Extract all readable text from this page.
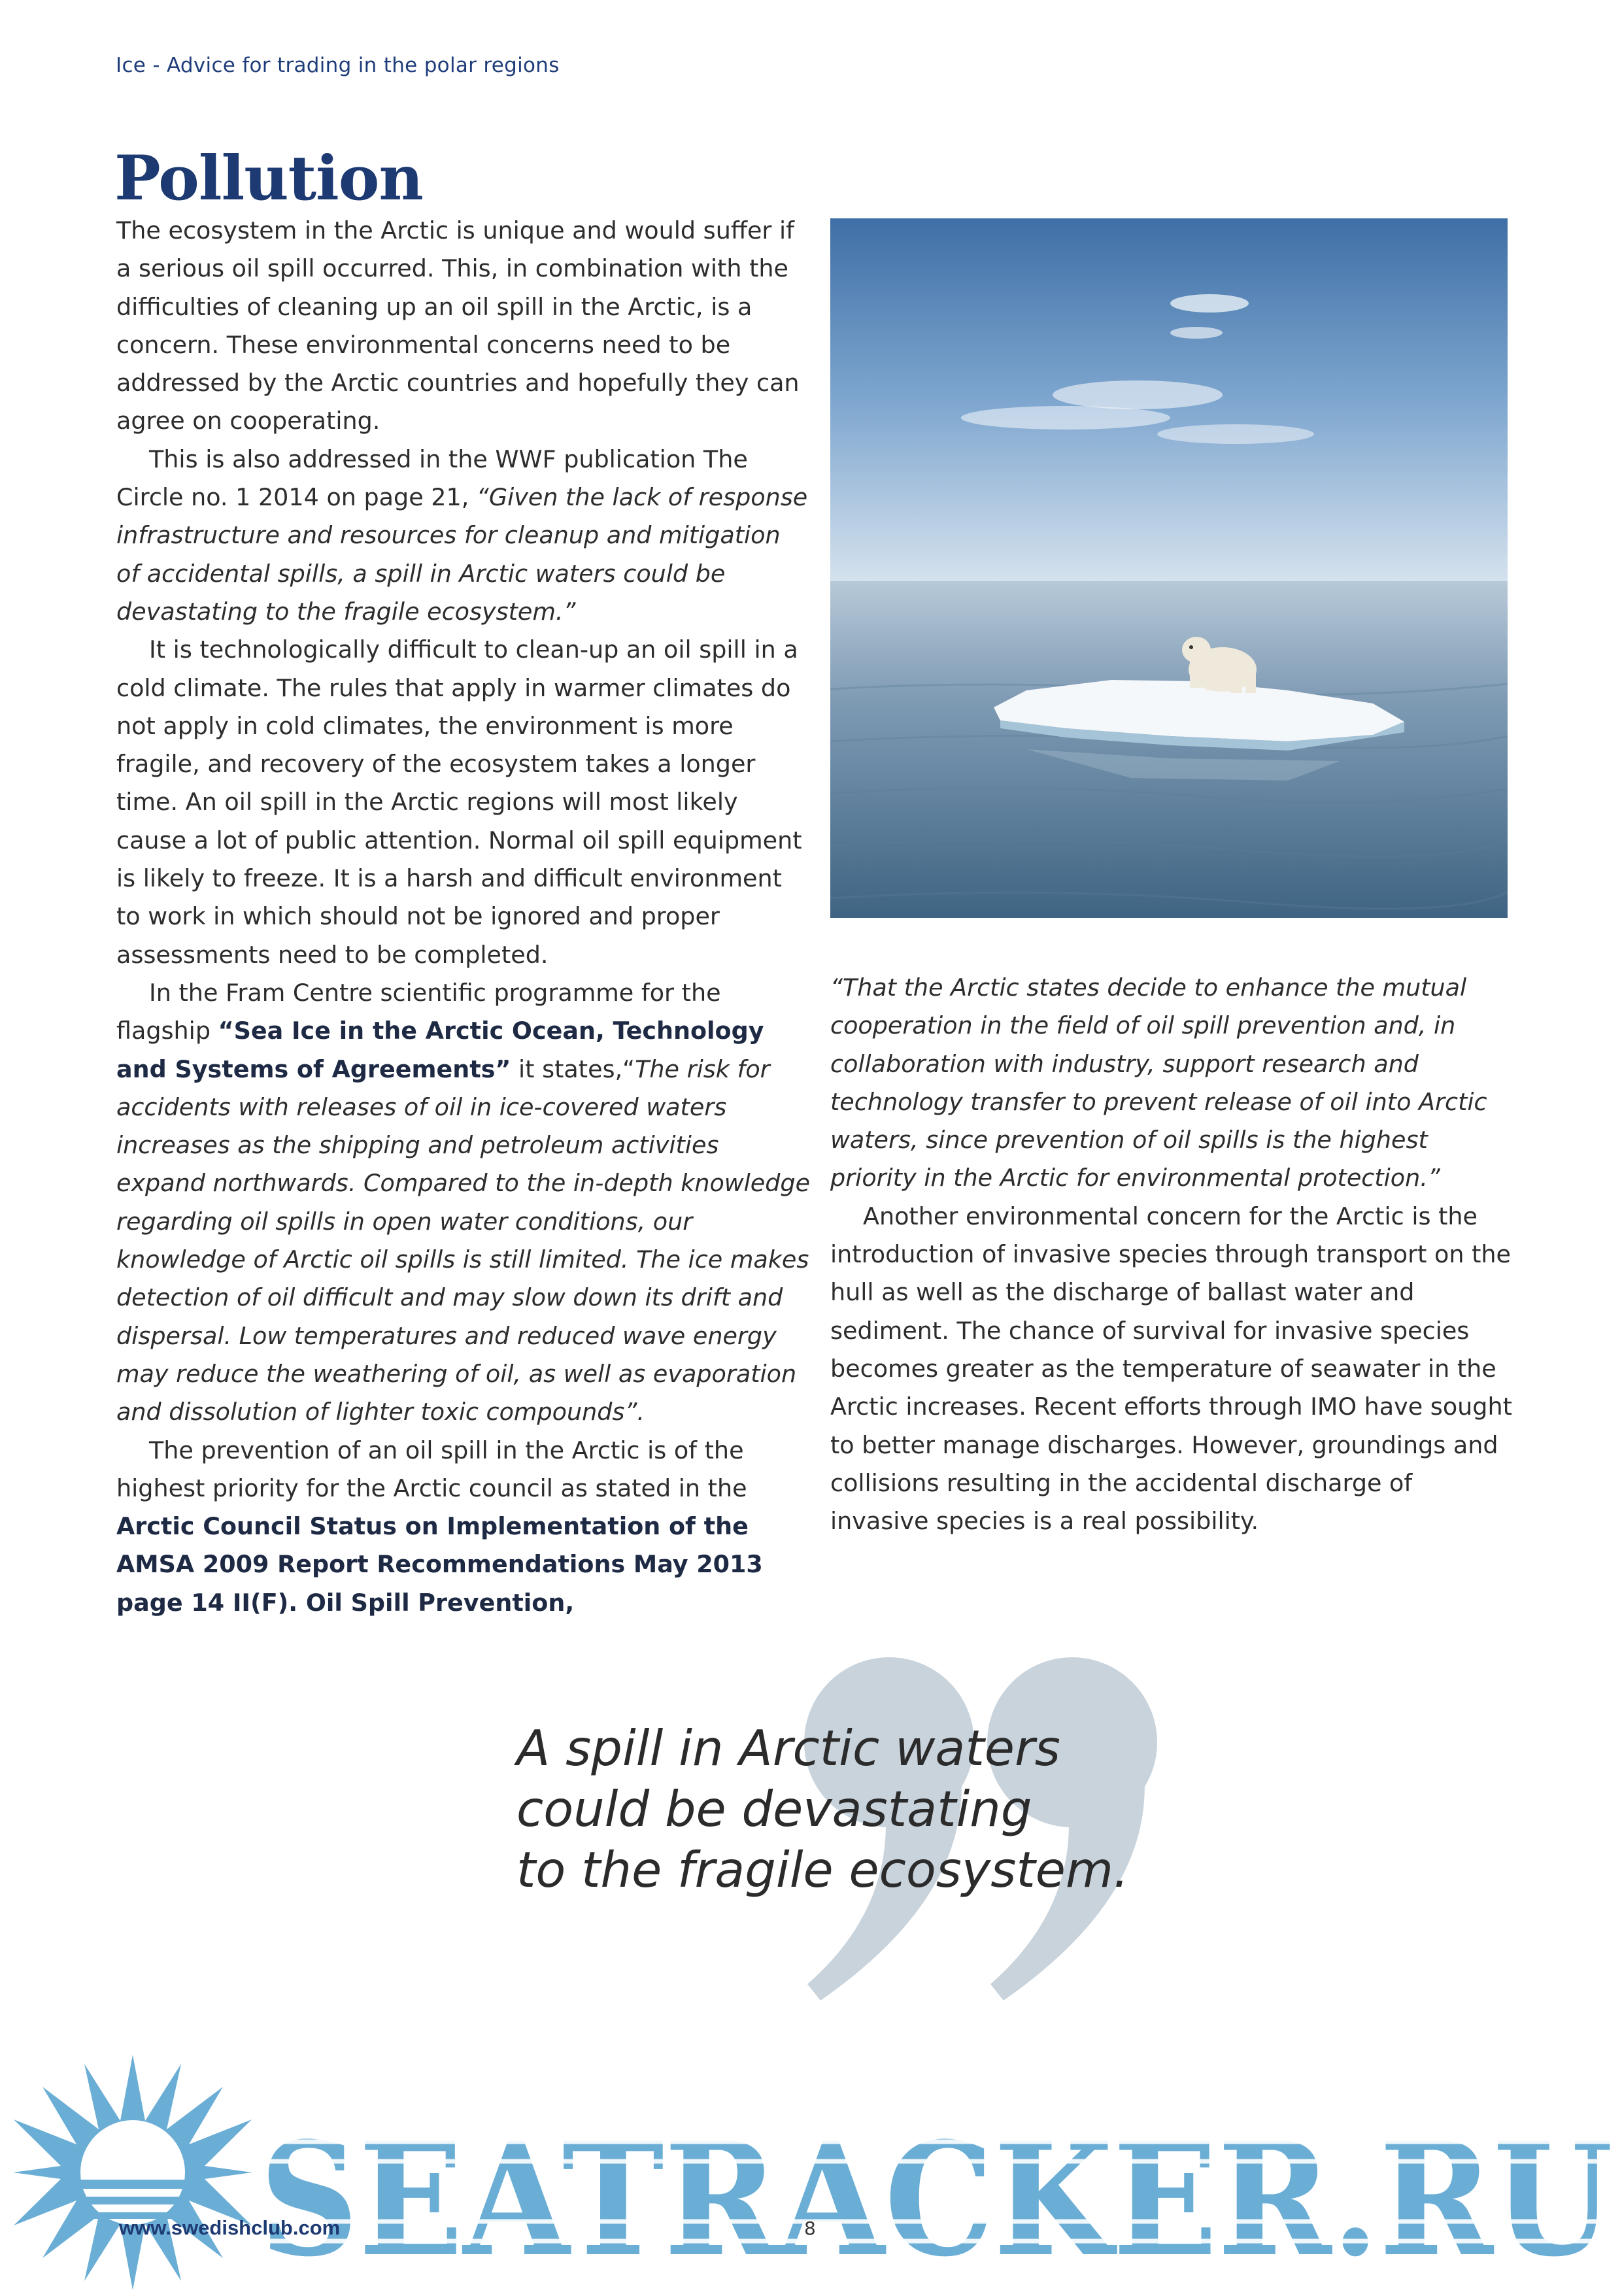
Ice - Advice for trading in the polar regions
Pollution

The ecosystem in the Arctic is unique and would suffer if a serious oil spill occurred. This, in combination with the difficulties of cleaning up an oil spill in the Arctic, is a concern. These environmental concerns need to be addressed by the Arctic countries and hopefully they can agree on cooperating.

This is also addressed in the WWF publication The Circle no. 1 2014 on page 21, “Given the lack of response infrastructure and resources for cleanup and mitigation of accidental spills, a spill in Arctic waters could be devastating to the fragile ecosystem.”

It is technologically difficult to clean-up an oil spill in a cold climate. The rules that apply in warmer climates do not apply in cold climates, the environment is more fragile, and recovery of the ecosystem takes a longer time. An oil spill in the Arctic regions will most likely cause a lot of public attention. Normal oil spill equipment is likely to freeze. It is a harsh and difficult environment to work in which should not be ignored and proper assessments need to be completed.

In the Fram Centre scientific programme for the flagship “Sea Ice in the Arctic Ocean, Technology and Systems of Agreements” it states,“The risk for accidents with releases of oil in ice-covered waters increases as the shipping and petroleum activities expand northwards. Compared to the in-depth knowledge regarding oil spills in open water conditions, our knowledge of Arctic oil spills is still limited. The ice makes detection of oil difficult and may slow down its drift and dispersal. Low temperatures and reduced wave energy may reduce the weathering of oil, as well as evaporation and dissolution of lighter toxic compounds”.

The prevention of an oil spill in the Arctic is of the highest priority for the Arctic council as stated in the Arctic Council Status on Implementation of the AMSA 2009 Report Recommendations May 2013 page 14 II(F). Oil Spill Prevention,

“That the Arctic states decide to enhance the mutual cooperation in the field of oil spill prevention and, in collaboration with industry, support research and technology transfer to prevent release of oil into Arctic waters, since prevention of oil spills is the highest priority in the Arctic for environmental protection.”

Another environmental concern for the Arctic is the introduction of invasive species through transport on the hull as well as the discharge of ballast water and sediment. The chance of survival for invasive species becomes greater as the temperature of seawater in the Arctic increases. Recent efforts through IMO have sought to better manage discharges. However, groundings and collisions resulting in the accidental discharge of invasive species is a real possibility.

A spill in Arctic waters
could be devastating
to the fragile ecosystem.
SEATRACKER.RU
www.swedishclub.com	8
